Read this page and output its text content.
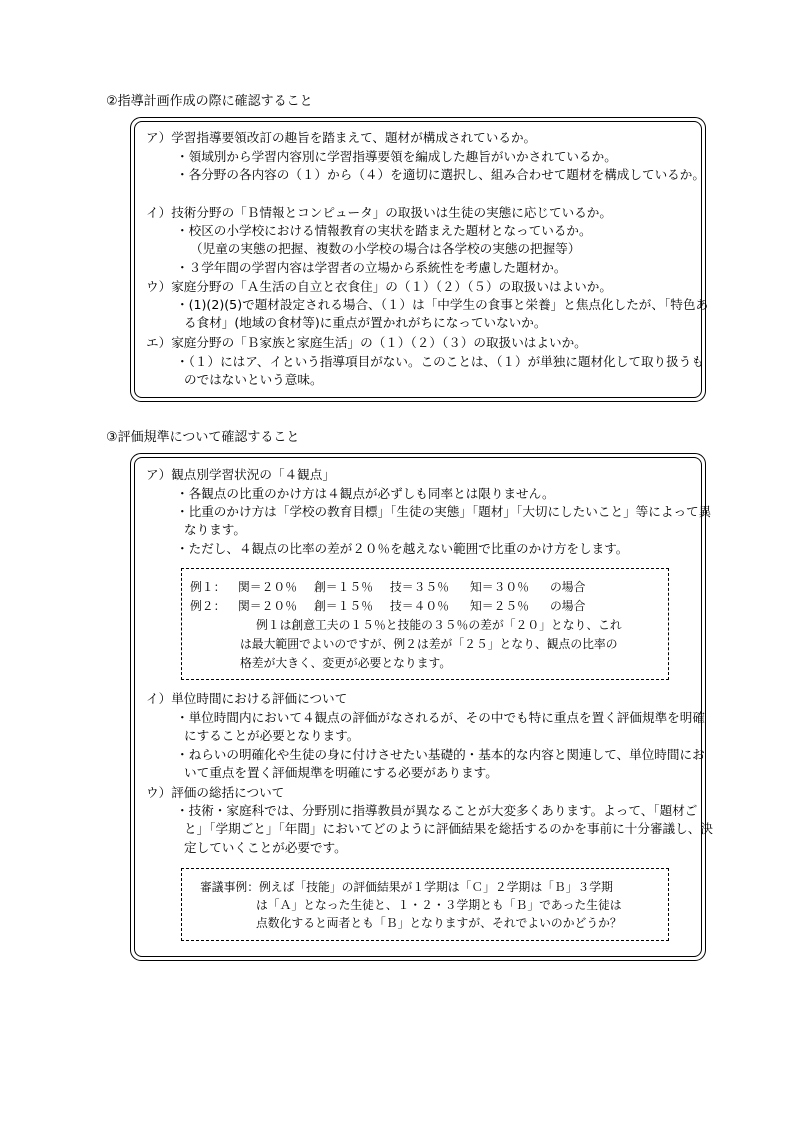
②指導計画作成の際に確認すること
ア）学習指導要領改訂の趣旨を踏まえて、題材が構成されているか。
・領域別から学習内容別に学習指導要領を編成した趣旨がいかされているか。
・各分野の各内容の（１）から（４）を適切に選択し、組み合わせて題材を構成しているか。
イ）技術分野の「Ｂ情報とコンピュータ」の取扱いは生徒の実態に応じているか。
・校区の小学校における情報教育の実状を踏まえた題材となっているか。
（児童の実態の把握、複数の小学校の場合は各学校の実態の把握等）
・３学年間の学習内容は学習者の立場から系統性を考慮した題材か。
ウ）家庭分野の「Ａ生活の自立と衣食住」の（１）（２）（５）の取扱いはよいか。
・(1)(2)(5)で題材設定される場合、（１）は「中学生の食事と栄養」と焦点化したが、「特色ある食材」(地域の食材等)に重点が置かれがちになっていないか。
エ）家庭分野の「Ｂ家族と家庭生活」の（１）（２）（３）の取扱いはよいか。
・（１）にはア、イという指導項目がない。このことは、（１）が単独に題材化して取り扱うものではないという意味。
③評価規準について確認すること
ア）観点別学習状況の「４観点」
・各観点の比重のかけ方は４観点が必ずしも同率とは限りません。
・比重のかけ方は「学校の教育目標」「生徒の実態」「題材」「大切にしたいこと」等によって異なります。
・ただし、４観点の比率の差が２０％を越えない範囲で比重のかけ方をします。
例１： 関＝２０％ 創＝１５％ 技＝３５％ 知＝３０％ の場合
例２： 関＝２０％ 創＝１５％ 技＝４０％ 知＝２５％ の場合
例１は創意工夫の１５％と技能の３５％の差が「２０」となり、これ
は最大範囲でよいのですが、例２は差が「２５」となり、観点の比率の
格差が大きく、変更が必要となります。
イ）単位時間における評価について
・単位時間内において４観点の評価がなされるが、その中でも特に重点を置く評価規準を明確にすることが必要となります。
・ねらいの明確化や生徒の身に付けさせたい基礎的・基本的な内容と関連して、単位時間において重点を置く評価規準を明確にする必要があります。
ウ）評価の総括について
・技術・家庭科では、分野別に指導教員が異なることが大変多くあります。よって、「題材ごと」「学期ごと」「年間」においてどのように評価結果を総括するのかを事前に十分審議し、決定していくことが必要です。
審議事例：例えば「技能」の評価結果が１学期は「Ｃ」２学期は「Ｂ」３学期
は「Ａ」となった生徒と、１・２・３学期とも「Ｂ」であった生徒は
点数化すると両者とも「Ｂ」となりますが、それでよいのかどうか？
